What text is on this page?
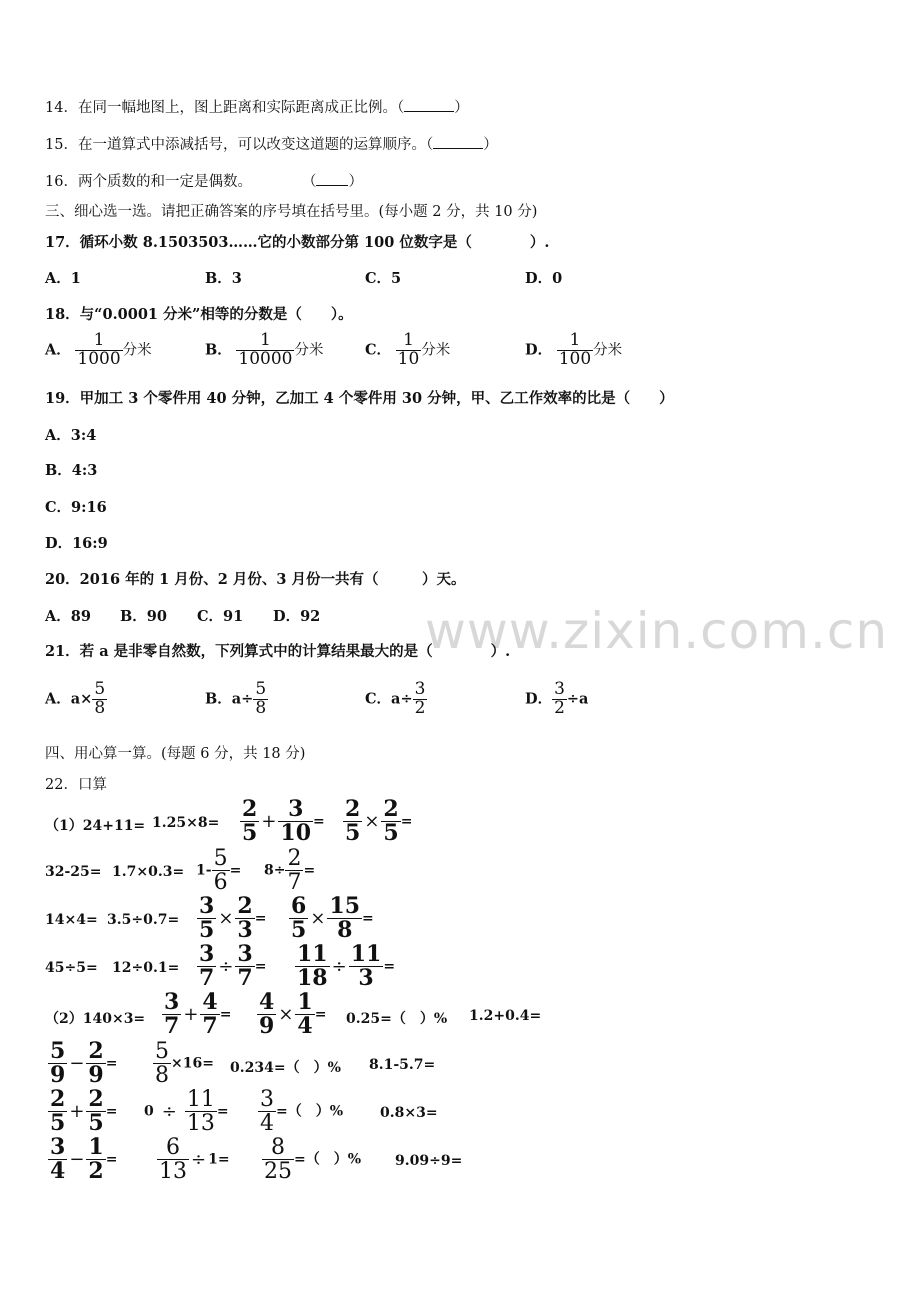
14．在同一幅地图上，图上距离和实际距离成正比例。（	）
15．在一道算式中添减括号，可以改变这道题的运算顺序。（	）
16．两个质数的和一定是偶数。	（ ）
三、细心选一选。请把正确答案的序号填在括号里。(每小题 2 分，共 10 分)
17．循环小数 8.1503503……它的小数部分第 100 位数字是（　　　　）.
A．1	B．3	C．5	D．0
18．与“0.0001 分米”相等的分数是（　　）。
A． $\frac{1}{1000}$ 分米	B． $\frac{1}{10000}$ 分米	C． $\frac{1}{10}$ 分米	D． $\frac{1}{100}$ 分米
19．甲加工 3 个零件用 40 分钟，乙加工 4 个零件用 30 分钟，甲、乙工作效率的比是（　　）
A．3:4
B．4:3
C．9:16
D．16:9
20．2016 年的 1 月份、2 月份、3 月份一共有（　　　）天。
A．89 B．90 C．91 D．92 www.zixin.com.cn
21．若 a 是非零自然数，下列算式中的计算结果最大的是（　　　　）.
A．$a\times \frac{5}{8}$	B．$a\div \frac{5}{8}$	C．$a\div \frac{3}{2}$	D． $\frac{3}{2} \div a$
四、用心算一算。(每题 6 分，共 18 分)
22．口算
$(1)24+11= 1.25\times 8= \frac{2}{5} + \frac{3}{10} = \frac{2}{5} \times \frac{2}{5}$ =
$32-25= 1.7\times 0.3= 1- \frac{5}{6} = 8\div \frac{2}{7}$ =
$14\times 4= 3.5\div 0.7= \frac{3}{5} \times \frac{2}{3} = \frac{6}{5} \times \frac{15}{8}$ =
$45\div 5= 12\div 0.1= \frac{3}{7} \div \frac{3}{7} = \frac{11}{18} \div \frac{11}{3}$ =
$(2)140\times 3= \frac{3}{7} + \frac{4}{7} = \frac{4}{9} \times \frac{1}{4} = 0.25=$（　）% 1.2+0.4=
$\frac{5}{9} - \frac{2}{9} = \frac{5}{8} \times 16= 0.234=$（　）% 8.1-5.7=
$\frac{2}{5} + \frac{2}{5} = 0 \div \frac{11}{13} = \frac{3}{4}$ =（　）%	0.8×3=
$\frac{3}{4} - \frac{1}{2} = \frac{6}{13} \div 1= \frac{8}{25}$ =（　）% 9.09÷9=
